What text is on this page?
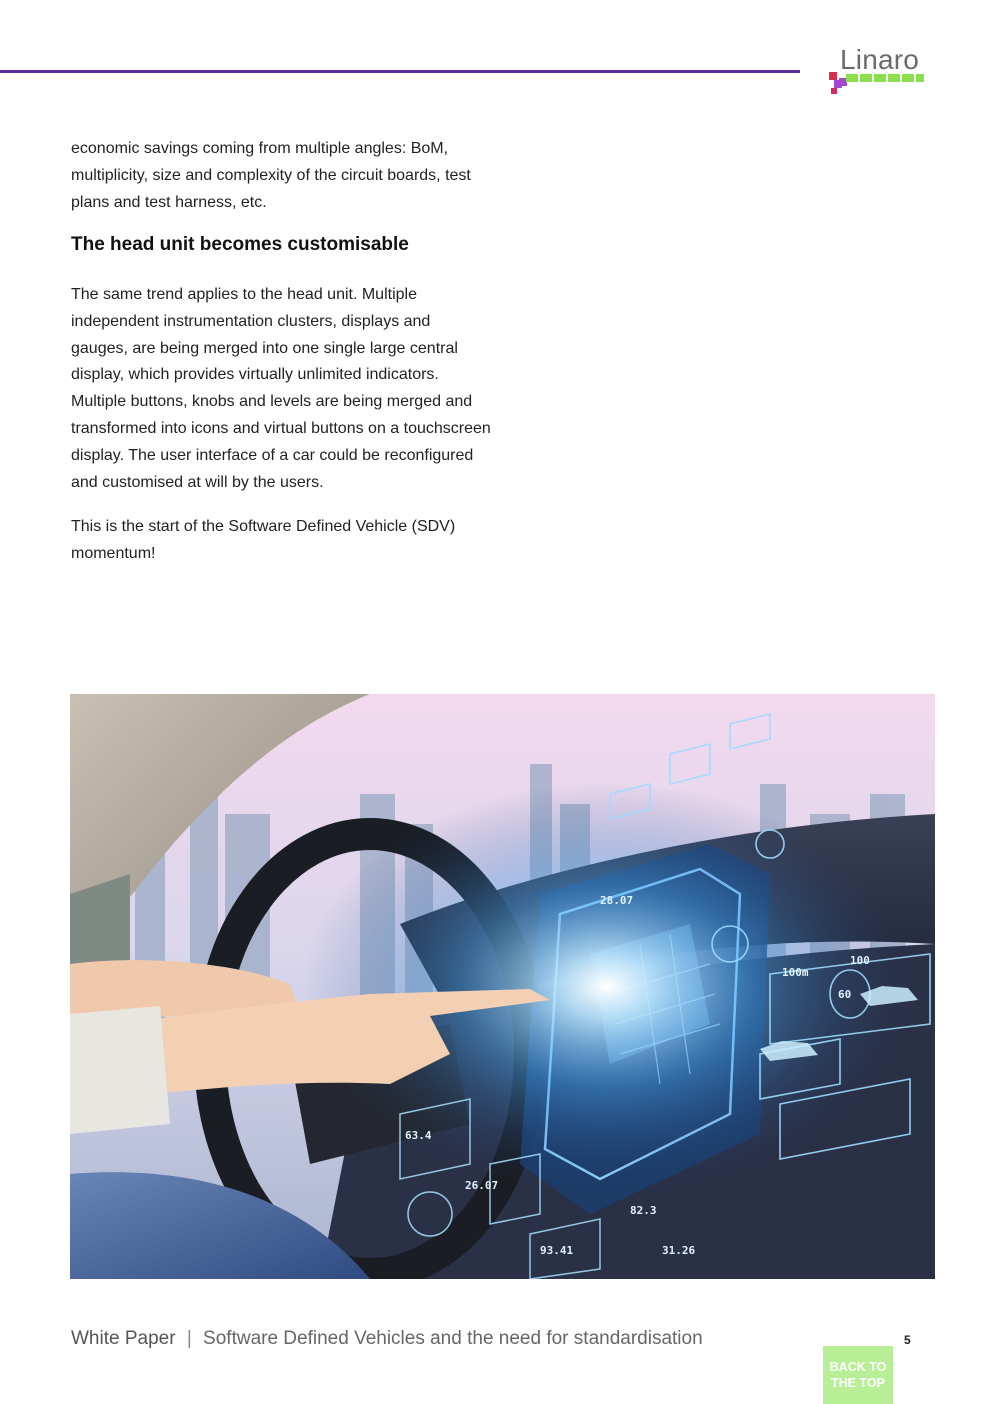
Linaro

economic savings coming from multiple angles: BoM, multiplicity, size and complexity of the circuit boards, test plans and test harness, etc.

The head unit becomes customisable

The same trend applies to the head unit. Multiple independent instrumentation clusters, displays and gauges, are being merged into one single large central display, which provides virtually unlimited indicators. Multiple buttons, knobs and levels are being merged and transformed into icons and virtual buttons on a touchscreen display. The user interface of a car could be reconfigured and customised at will by the users.

This is the start of the Software Defined Vehicle (SDV) momentum!

100m
60
93.41
26.07
82.3
31.26
100
63.4
28.07
White Paper | Software Defined Vehicles and the need for standardisation	5
BACK TO
THE TOP
